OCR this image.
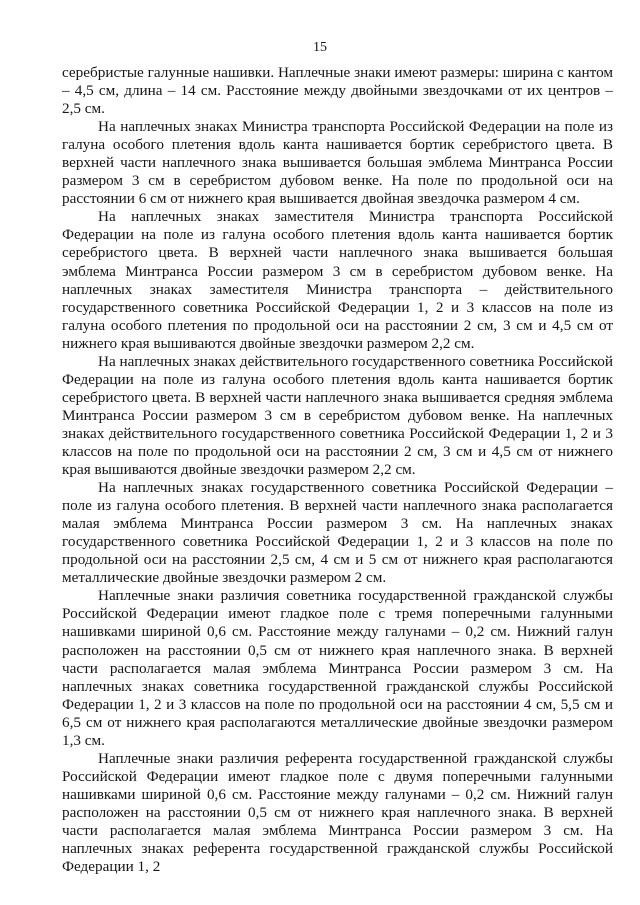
15

серебристые галунные нашивки. Наплечные знаки имеют размеры: ширина с кантом – 4,5 см, длина – 14 см. Расстояние между двойными звездочками от их центров – 2,5 см.

На наплечных знаках Министра транспорта Российской Федерации на поле из галуна особого плетения вдоль канта нашивается бортик серебристого цвета. В верхней части наплечного знака вышивается большая эмблема Минтранса России размером 3 см в серебристом дубовом венке. На поле по продольной оси на расстоянии 6 см от нижнего края вышивается двойная звездочка размером 4 см.

На наплечных знаках заместителя Министра транспорта Российской Федерации на поле из галуна особого плетения вдоль канта нашивается бортик серебристого цвета. В верхней части наплечного знака вышивается большая эмблема Минтранса России размером 3 см в серебристом дубовом венке. На наплечных знаках заместителя Министра транспорта – действительного государственного советника Российской Федерации 1, 2 и 3 классов на поле из галуна особого плетения по продольной оси на расстоянии 2 см, 3 см и 4,5 см от нижнего края вышиваются двойные звездочки размером 2,2 см.

На наплечных знаках действительного государственного советника Российской Федерации на поле из галуна особого плетения вдоль канта нашивается бортик серебристого цвета. В верхней части наплечного знака вышивается средняя эмблема Минтранса России размером 3 см в серебристом дубовом венке. На наплечных знаках действительного государственного советника Российской Федерации 1, 2 и 3 классов на поле по продольной оси на расстоянии 2 см, 3 см и 4,5 см от нижнего края вышиваются двойные звездочки размером 2,2 см.

На наплечных знаках государственного советника Российской Федерации – поле из галуна особого плетения. В верхней части наплечного знака располагается малая эмблема Минтранса России размером 3 см. На наплечных знаках государственного советника Российской Федерации 1, 2 и 3 классов на поле по продольной оси на расстоянии 2,5 см, 4 см и 5 см от нижнего края располагаются металлические двойные звездочки размером 2 см.

Наплечные знаки различия советника государственной гражданской службы Российской Федерации имеют гладкое поле с тремя поперечными галунными нашивками шириной 0,6 см. Расстояние между галунами – 0,2 см. Нижний галун расположен на расстоянии 0,5 см от нижнего края наплечного знака. В верхней части располагается малая эмблема Минтранса России размером 3 см. На наплечных знаках советника государственной гражданской службы Российской Федерации 1, 2 и 3 классов на поле по продольной оси на расстоянии 4 см, 5,5 см и 6,5 см от нижнего края располагаются металлические двойные звездочки размером 1,3 см.

Наплечные знаки различия референта государственной гражданской службы Российской Федерации имеют гладкое поле с двумя поперечными галунными нашивками шириной 0,6 см. Расстояние между галунами – 0,2 см. Нижний галун расположен на расстоянии 0,5 см от нижнего края наплечного знака. В верхней части располагается малая эмблема Минтранса России размером 3 см. На наплечных знаках референта государственной гражданской службы Российской Федерации 1, 2
